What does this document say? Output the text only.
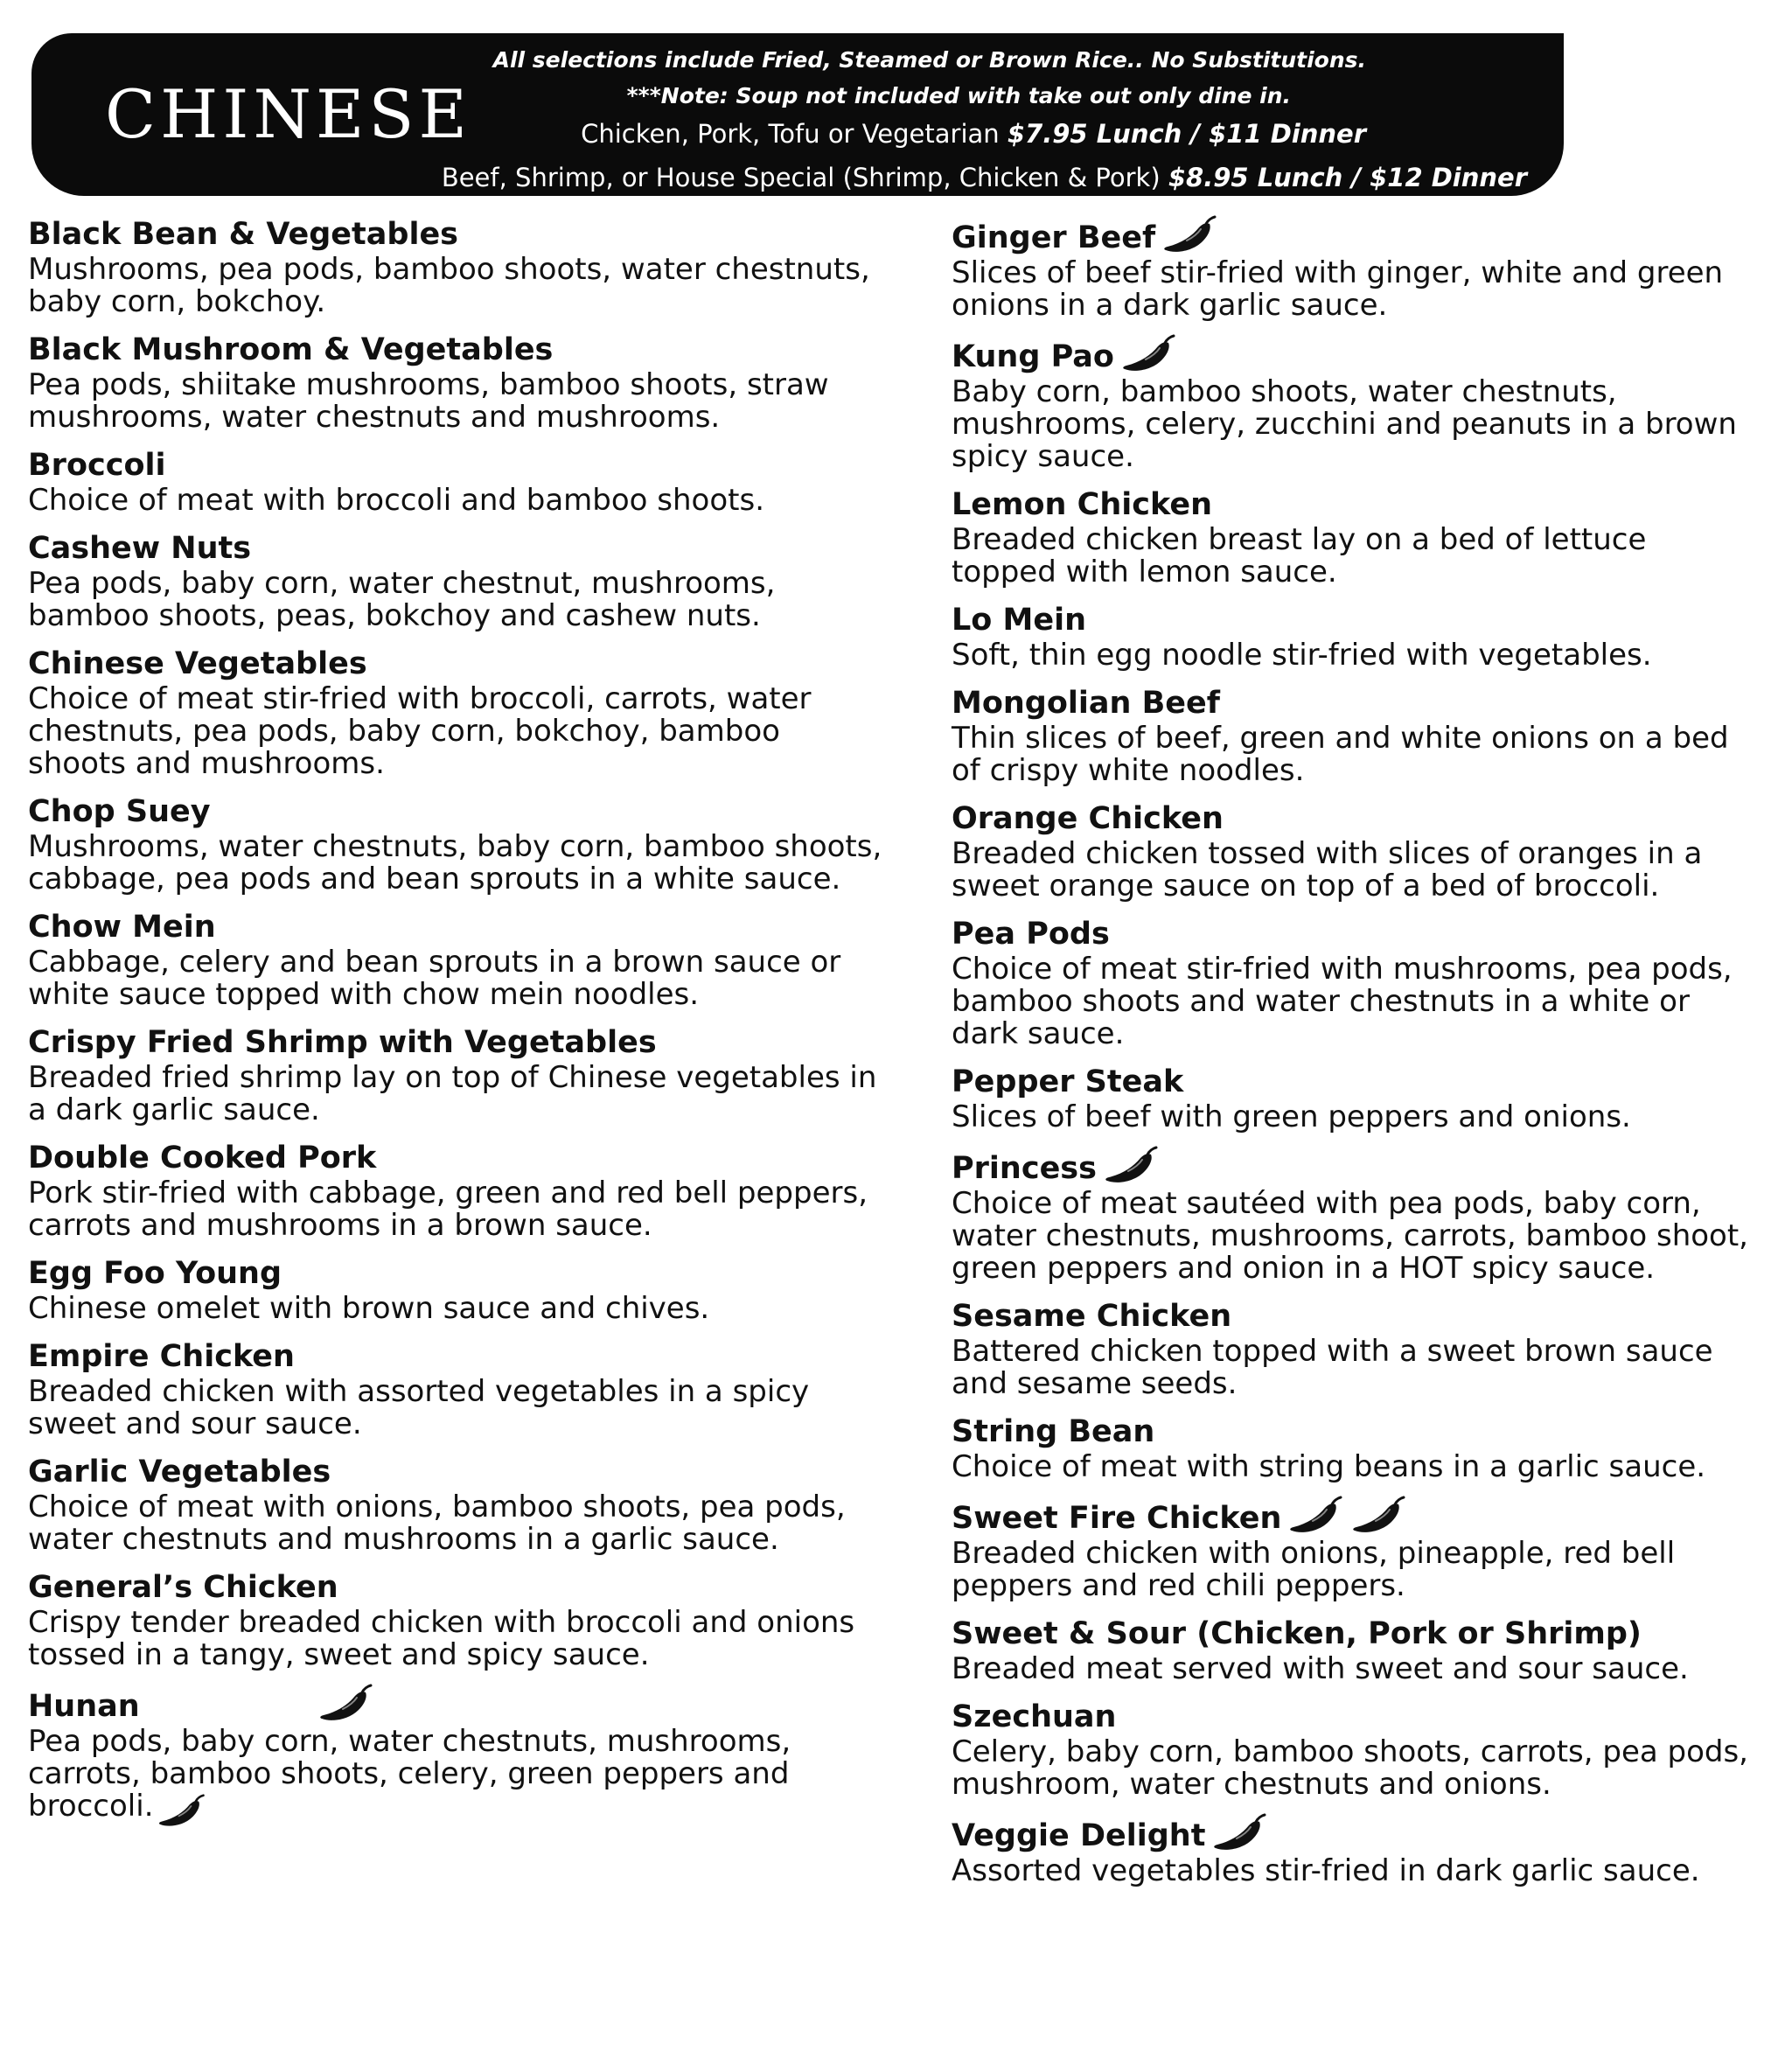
CHINESE
All selections include Fried, Steamed or Brown Rice.. No Substitutions.
***Note: Soup not included with take out only dine in.
Chicken, Pork, Tofu or Vegetarian $7.95 Lunch / $11 Dinner
Beef, Shrimp, or House Special (Shrimp, Chicken & Pork) $8.95 Lunch / $12 Dinner
Black Bean & Vegetables
Mushrooms, pea pods, bamboo shoots, water chestnuts, baby corn, bokchoy.
Black Mushroom & Vegetables
Pea pods, shiitake mushrooms, bamboo shoots, straw mushrooms, water chestnuts and mushrooms.
Broccoli
Choice of meat with broccoli and bamboo shoots.
Cashew Nuts
Pea pods, baby corn, water chestnut, mushrooms, bamboo shoots, peas, bokchoy and cashew nuts.
Chinese Vegetables
Choice of meat stir-fried with broccoli, carrots, water chestnuts, pea pods, baby corn, bokchoy, bamboo shoots and mushrooms.
Chop Suey
Mushrooms, water chestnuts, baby corn, bamboo shoots, cabbage, pea pods and bean sprouts in a white sauce.
Chow Mein
Cabbage, celery and bean sprouts in a brown sauce or white sauce topped with chow mein noodles.
Crispy Fried Shrimp with Vegetables
Breaded fried shrimp lay on top of Chinese vegetables in a dark garlic sauce.
Double Cooked Pork
Pork stir-fried with cabbage, green and red bell peppers, carrots and mushrooms in a brown sauce.
Egg Foo Young
Chinese omelet with brown sauce and chives.
Empire Chicken
Breaded chicken with assorted vegetables in a spicy sweet and sour sauce.
Garlic Vegetables
Choice of meat with onions, bamboo shoots, pea pods, water chestnuts and mushrooms in a garlic sauce.
General’s Chicken
Crispy tender breaded chicken with broccoli and onions tossed in a tangy, sweet and spicy sauce.
Hunan
Pea pods, baby corn, water chestnuts, mushrooms, carrots, bamboo shoots, celery, green peppers and broccoli.
Ginger Beef
Slices of beef stir-fried with ginger, white and green onions in a dark garlic sauce.
Kung Pao
Baby corn, bamboo shoots, water chestnuts, mushrooms, celery, zucchini and peanuts in a brown spicy sauce.
Lemon Chicken
Breaded chicken breast lay on a bed of lettuce topped with lemon sauce.
Lo Mein
Soft, thin egg noodle stir-fried with vegetables.
Mongolian Beef
Thin slices of beef, green and white onions on a bed of crispy white noodles.
Orange Chicken
Breaded chicken tossed with slices of oranges in a sweet orange sauce on top of a bed of broccoli.
Pea Pods
Choice of meat stir-fried with mushrooms, pea pods, bamboo shoots and water chestnuts in a white or dark sauce.
Pepper Steak
Slices of beef with green peppers and onions.
Princess
Choice of meat sautéed with pea pods, baby corn, water chestnuts, mushrooms, carrots, bamboo shoot, green peppers and onion in a HOT spicy sauce.
Sesame Chicken
Battered chicken topped with a sweet brown sauce and sesame seeds.
String Bean
Choice of meat with string beans in a garlic sauce.
Sweet Fire Chicken
Breaded chicken with onions, pineapple, red bell peppers and red chili peppers.
Sweet & Sour (Chicken, Pork or Shrimp)
Breaded meat served with sweet and sour sauce.
Szechuan
Celery, baby corn, bamboo shoots, carrots, pea pods, mushroom, water chestnuts and onions.
Veggie Delight
Assorted vegetables stir-fried in dark garlic sauce.
